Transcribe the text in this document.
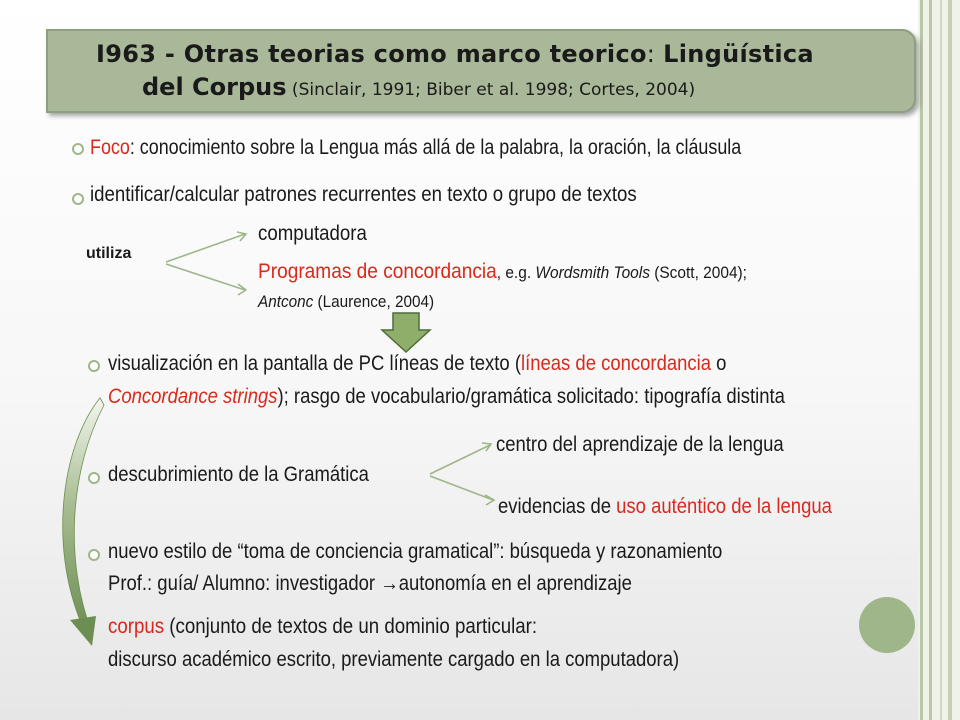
I963 - Otras teorias como marco teorico: Lingüística
del Corpus (Sinclair, 1991; Biber et al. 1998; Cortes, 2004)
Foco: conocimiento sobre la Lengua más allá de la palabra, la oración, la cláusula
identificar/calcular patrones recurrentes en texto o grupo de textos
utiliza
computadora
Programas de concordancia, e.g. Wordsmith Tools (Scott, 2004);
Antconc (Laurence, 2004)
visualización en la pantalla de PC líneas de texto (líneas de concordancia o
Concordance strings); rasgo de vocabulario/gramática solicitado: tipografía distinta
centro del aprendizaje de la lengua
descubrimiento de la Gramática
evidencias de uso auténtico de la lengua
nuevo estilo de “toma de conciencia gramatical”: búsqueda y razonamiento
Prof.: guía/ Alumno: investigador →autonomía en el aprendizaje
corpus (conjunto de textos de un dominio particular:
discurso académico escrito, previamente cargado en la computadora)
